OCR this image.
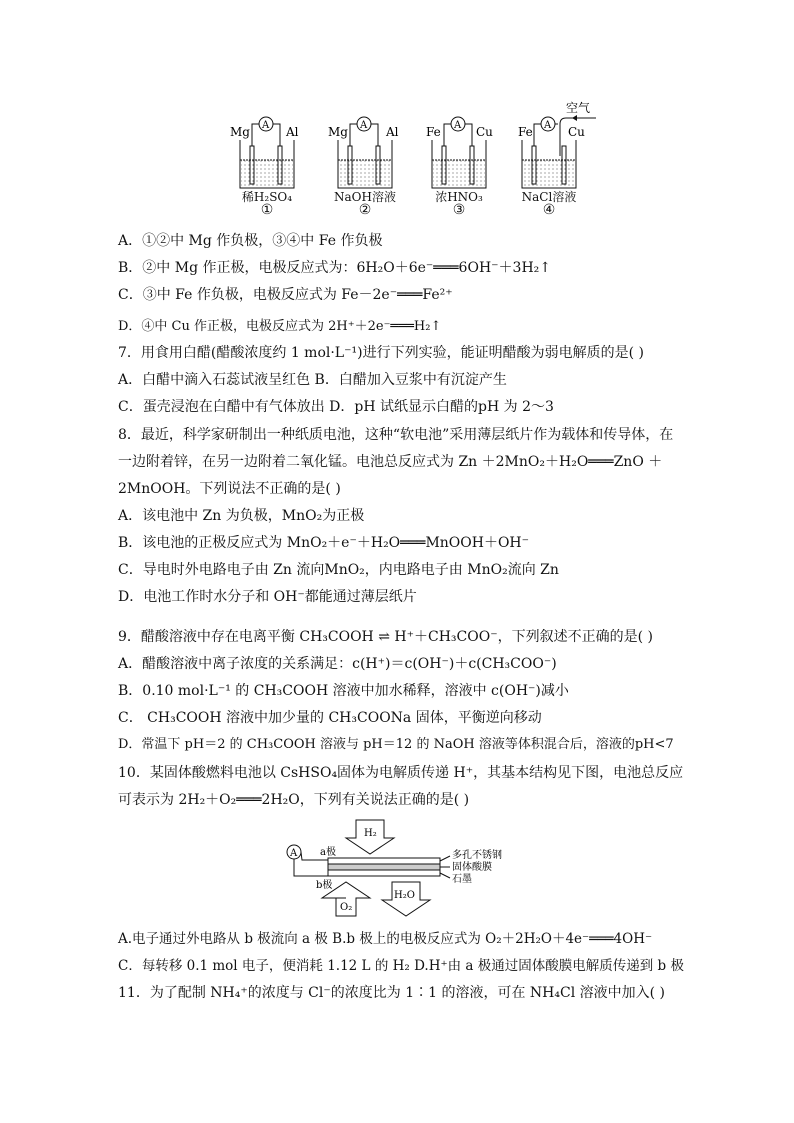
Mg	Al
A	Mg	Al
A	Fe	Cu
A
空气
Fe	Cu
A
稀H₂SO₄	NaOH溶液	浓HNO₃	NaCl溶液
①	②	③	④
A．①②中 Mg 作负极，③④中 Fe 作负极
B．②中 Mg 作正极，电极反应式为：6H₂O＋6e⁻═══6OH⁻＋3H₂↑
C．③中 Fe 作负极，电极反应式为 Fe－2e⁻═══Fe²⁺
D．④中 Cu 作正极，电极反应式为 2H⁺＋2e⁻═══H₂↑
7．用食用白醋(醋酸浓度约 1 mol·L⁻¹)进行下列实验，能证明醋酸为弱电解质的是( )
A．白醋中滴入石蕊试液呈红色 B．白醋加入豆浆中有沉淀产生
C．蛋壳浸泡在白醋中有气体放出 D．pH 试纸显示白醋的pH 为 2～3
8．最近，科学家研制出一种纸质电池，这种“软电池”采用薄层纸片作为载体和传导体，在
一边附着锌，在另一边附着二氧化锰。电池总反应式为 Zn ＋2MnO₂＋H₂O═══ZnO ＋
2MnOOH。下列说法不正确的是( )
A．该电池中 Zn 为负极，MnO₂为正极
B．该电池的正极反应式为 MnO₂＋e⁻＋H₂O═══MnOOH＋OH⁻
C．导电时外电路电子由 Zn 流向MnO₂，内电路电子由 MnO₂流向 Zn
D．电池工作时水分子和 OH⁻都能通过薄层纸片
9．醋酸溶液中存在电离平衡 CH₃COOH ⇌ H⁺＋CH₃COO⁻，下列叙述不正确的是( )
A．醋酸溶液中离子浓度的关系满足：c(H⁺)＝c(OH⁻)＋c(CH₃COO⁻)
B．0.10 mol·L⁻¹ 的 CH₃COOH 溶液中加水稀释，溶液中 c(OH⁻)减小
C． CH₃COOH 溶液中加少量的 CH₃COONa 固体，平衡逆向移动
D．常温下 pH＝2 的 CH₃COOH 溶液与 pH＝12 的 NaOH 溶液等体积混合后，溶液的pH<7
10．某固体酸燃料电池以 CsHSO₄固体为电解质传递 H⁺，其基本结构见下图，电池总反应
可表示为 2H₂＋O₂═══2H₂O，下列有关说法正确的是( )
H₂
A a极
b极
多孔不锈钢
固体酸膜
石墨
O₂
H₂O
A.电子通过外电路从 b 极流向 a 极 B.b 极上的电极反应式为 O₂＋2H₂O＋4e⁻═══4OH⁻
C．每转移 0.1 mol 电子，便消耗 1.12 L 的 H₂ D.H⁺由 a 极通过固体酸膜电解质传递到 b 极
11．为了配制 NH₄⁺的浓度与 Cl⁻的浓度比为 1∶1 的溶液，可在 NH₄Cl 溶液中加入( )
